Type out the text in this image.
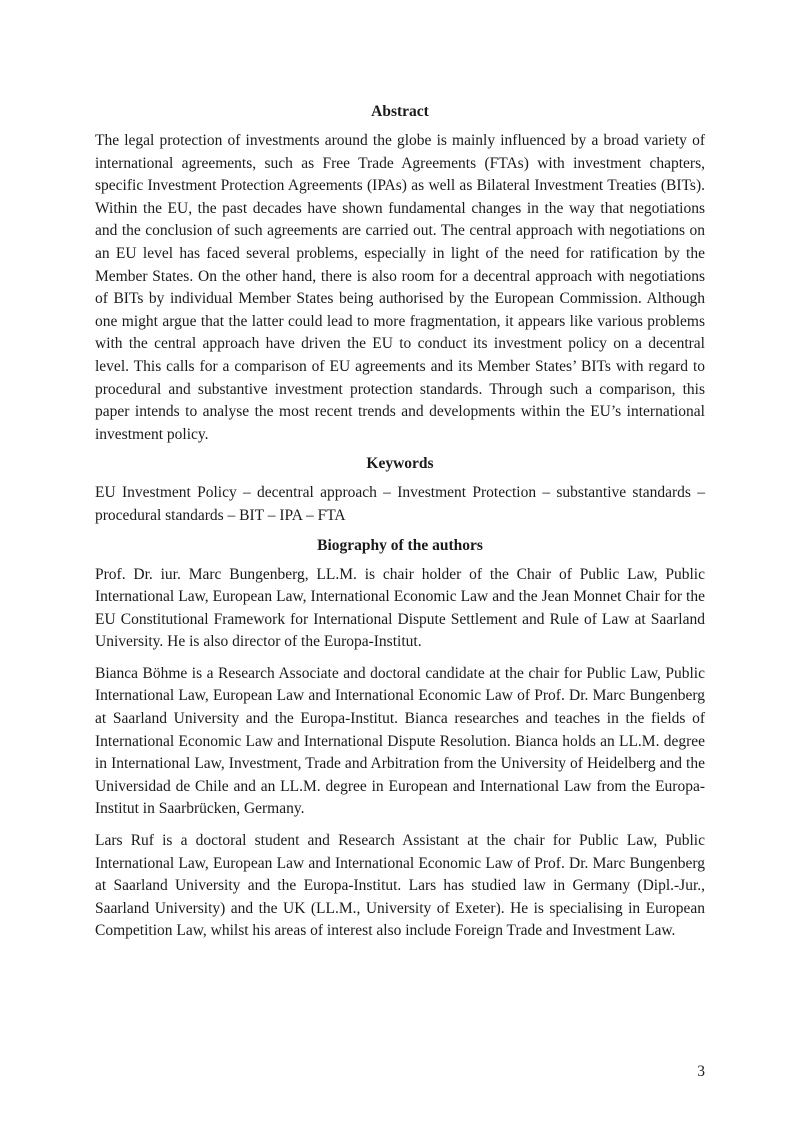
Abstract

The legal protection of investments around the globe is mainly influenced by a broad variety of international agreements, such as Free Trade Agreements (FTAs) with investment chapters, specific Investment Protection Agreements (IPAs) as well as Bilateral Investment Treaties (BITs). Within the EU, the past decades have shown fundamental changes in the way that negotiations and the conclusion of such agreements are carried out. The central approach with negotiations on an EU level has faced several problems, especially in light of the need for ratification by the Member States. On the other hand, there is also room for a decentral approach with negotiations of BITs by individual Member States being authorised by the European Commission. Although one might argue that the latter could lead to more fragmentation, it appears like various problems with the central approach have driven the EU to conduct its investment policy on a decentral level. This calls for a comparison of EU agreements and its Member States’ BITs with regard to procedural and substantive investment protection standards. Through such a comparison, this paper intends to analyse the most recent trends and developments within the EU’s international investment policy.

Keywords

EU Investment Policy – decentral approach – Investment Protection – substantive standards – procedural standards – BIT – IPA – FTA

Biography of the authors

Prof. Dr. iur. Marc Bungenberg, LL.M. is chair holder of the Chair of Public Law, Public International Law, European Law, International Economic Law and the Jean Monnet Chair for the EU Constitutional Framework for International Dispute Settlement and Rule of Law at Saarland University. He is also director of the Europa-Institut.

Bianca Böhme is a Research Associate and doctoral candidate at the chair for Public Law, Public International Law, European Law and International Economic Law of Prof. Dr. Marc Bungenberg at Saarland University and the Europa-Institut. Bianca researches and teaches in the fields of International Economic Law and International Dispute Resolution. Bianca holds an LL.M. degree in International Law, Investment, Trade and Arbitration from the University of Heidelberg and the Universidad de Chile and an LL.M. degree in European and International Law from the Europa-Institut in Saarbrücken, Germany.

Lars Ruf is a doctoral student and Research Assistant at the chair for Public Law, Public International Law, European Law and International Economic Law of Prof. Dr. Marc Bungenberg at Saarland University and the Europa-Institut. Lars has studied law in Germany (Dipl.-Jur., Saarland University) and the UK (LL.M., University of Exeter). He is specialising in European Competition Law, whilst his areas of interest also include Foreign Trade and Investment Law.

3
